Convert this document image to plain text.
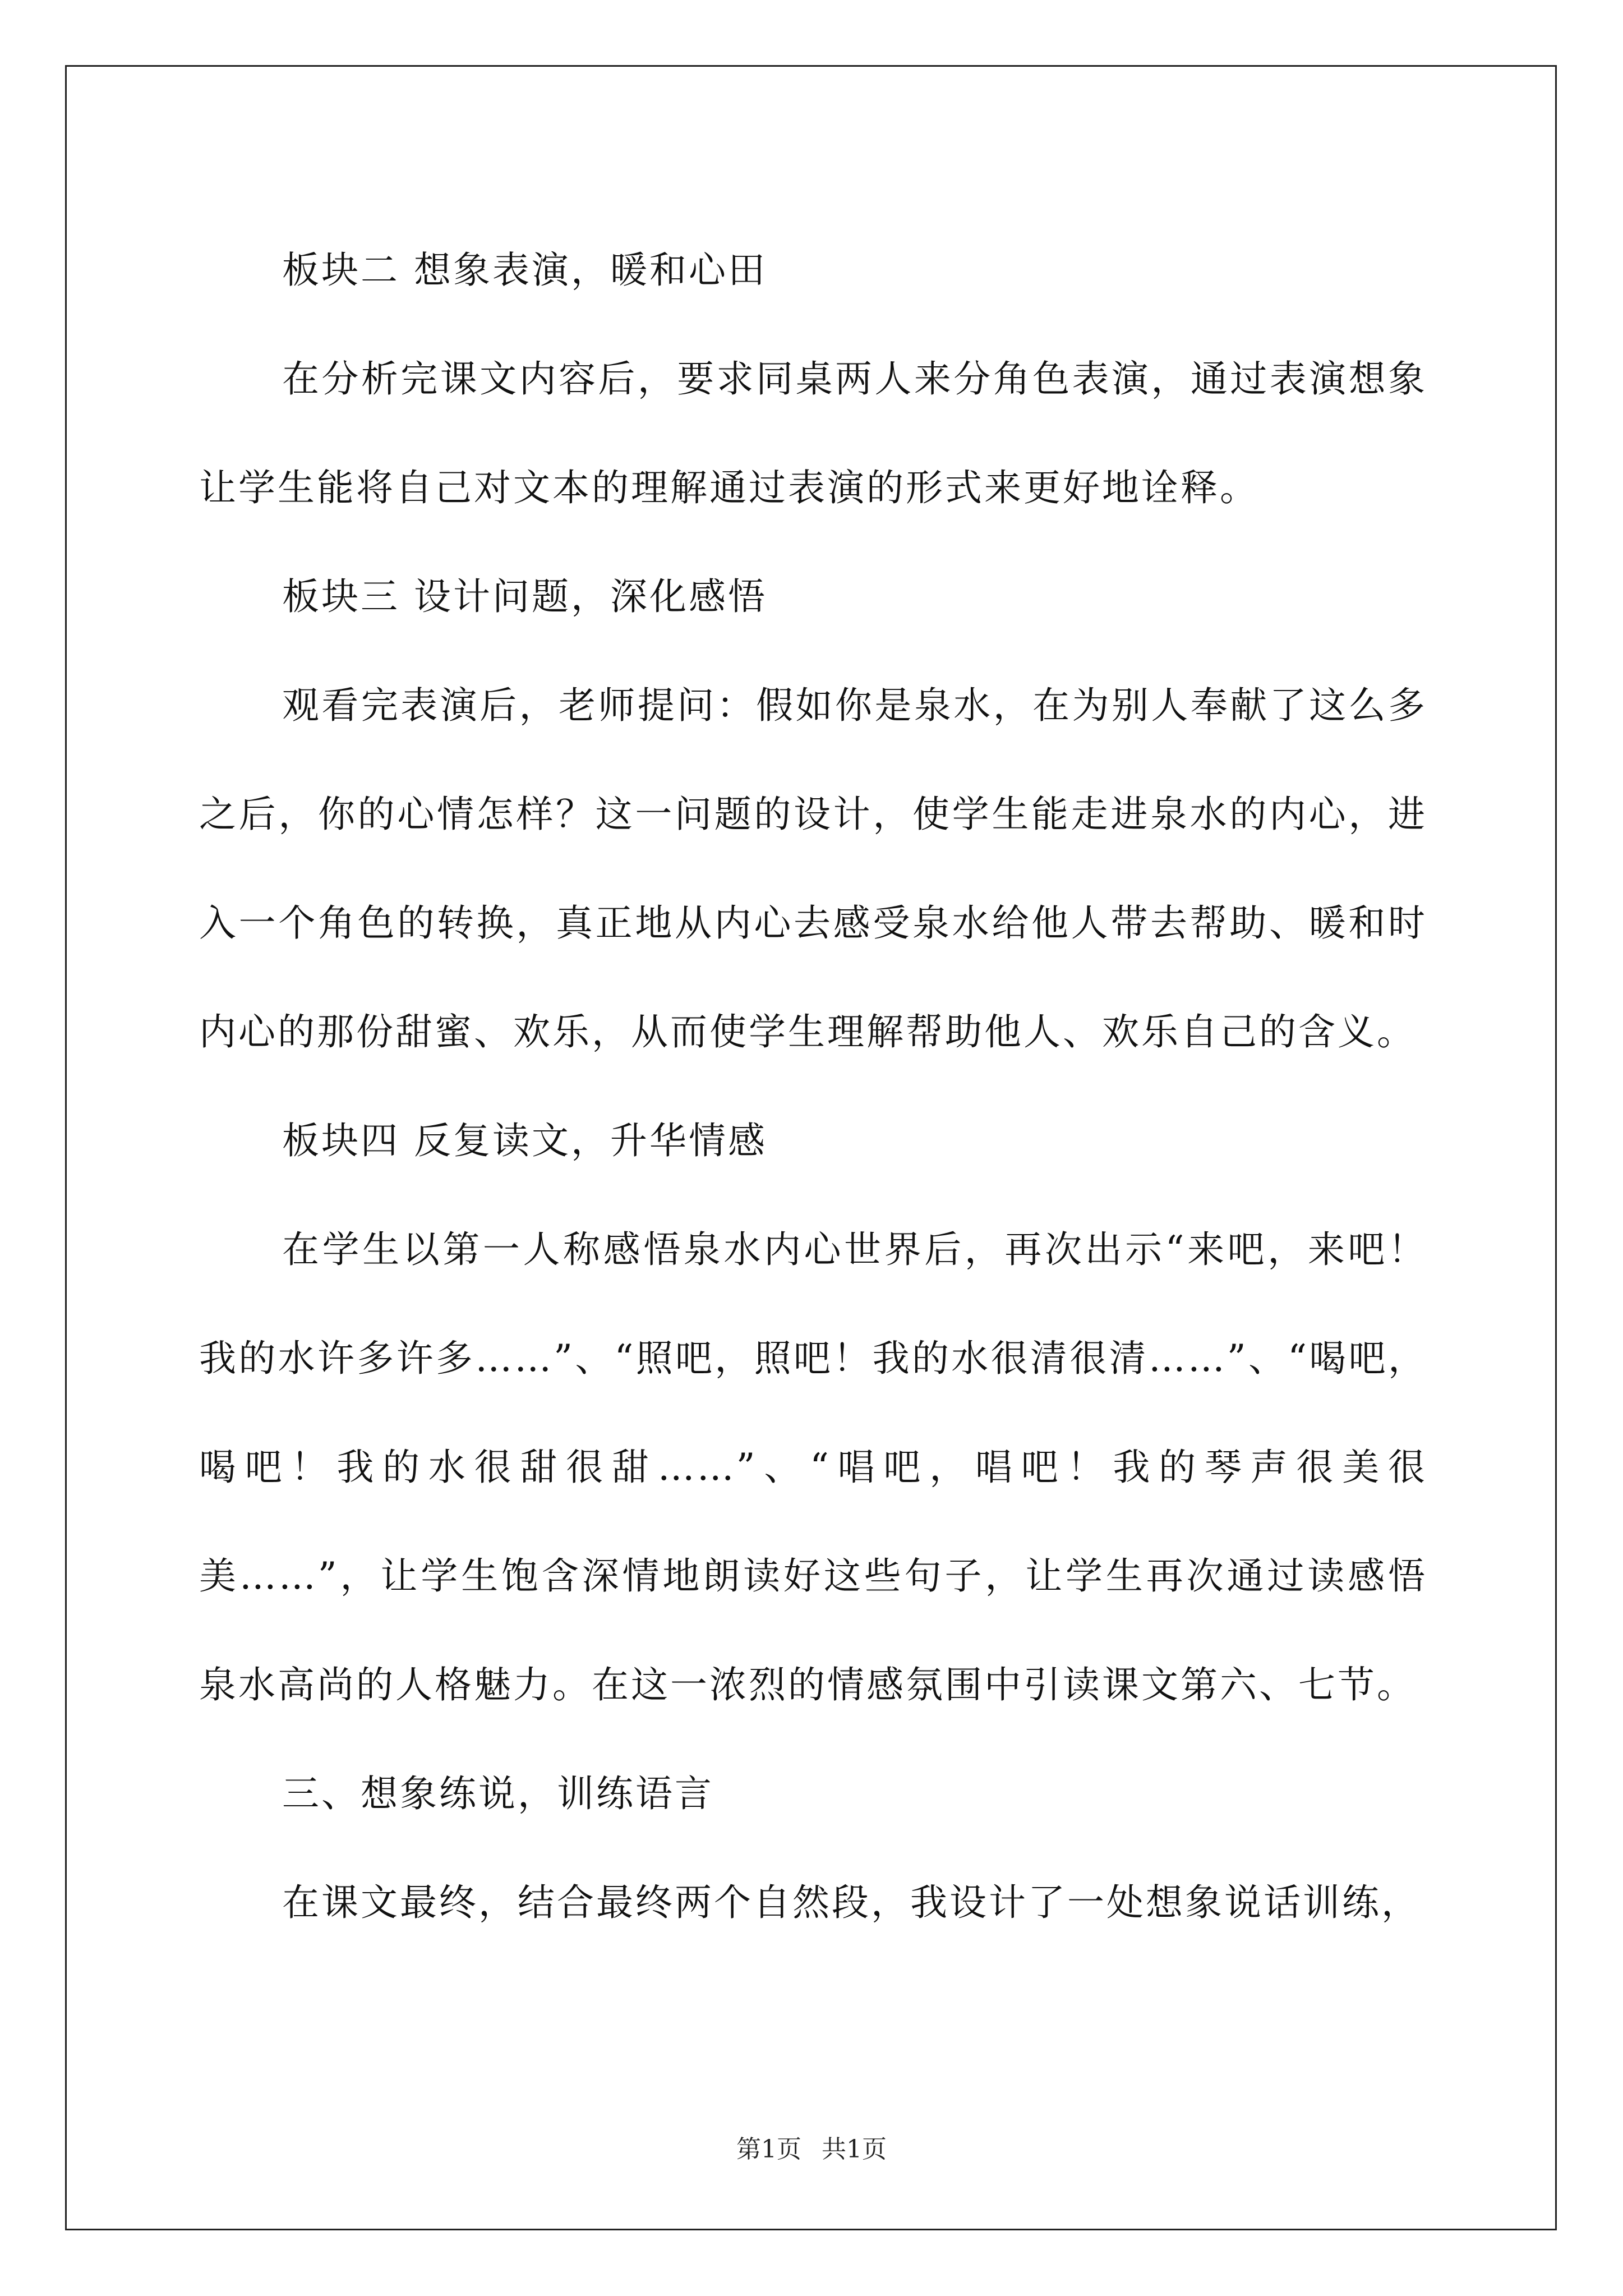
板块二 想象表演，暖和心田

在分析完课文内容后，要求同桌两人来分角色表演，通过表演想象让学生能将自己对文本的理解通过表演的形式来更好地诠释。

板块三 设计问题，深化感悟

观看完表演后，老师提问：假如你是泉水，在为别人奉献了这么多之后，你的心情怎样？这一问题的设计，使学生能走进泉水的内心，进入一个角色的转换，真正地从内心去感受泉水给他人带去帮助、暖和时内心的那份甜蜜、欢乐，从而使学生理解帮助他人、欢乐自己的含义。

板块四 反复读文，升华情感

在学生以第一人称感悟泉水内心世界后，再次出示“来吧，来吧！我的水许多许多……”、“照吧，照吧！我的水很清很清……”、“喝吧，喝吧！我的水很甜很甜……”、“唱吧，唱吧！我的琴声很美很美……”，让学生饱含深情地朗读好这些句子，让学生再次通过读感悟泉水高尚的人格魅力。在这一浓烈的情感氛围中引读课文第六、七节。

三、想象练说，训练语言

在课文最终，结合最终两个自然段，我设计了一处想象说话训练，

第1页 共1页
